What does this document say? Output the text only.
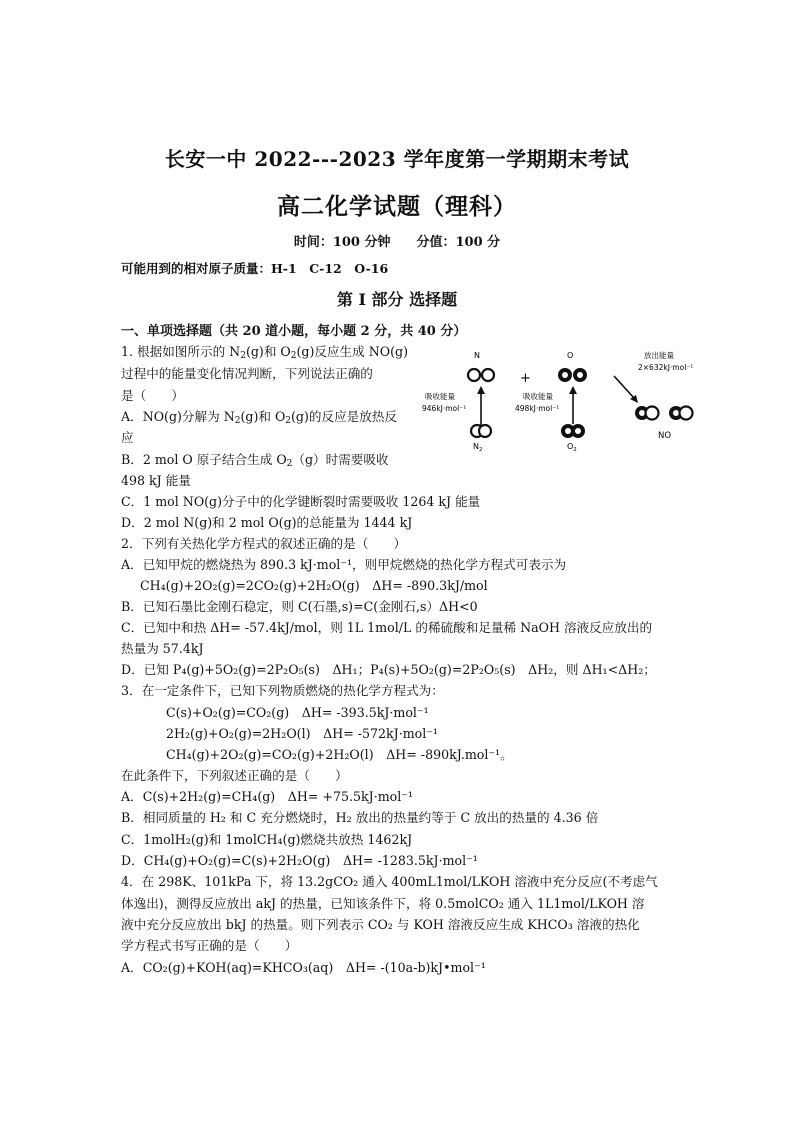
长安一中 2022---2023 学年度第一学期期末考试
高二化学试题（理科）
时间：100 分钟　　分值：100 分
可能用到的相对原子质量：H-1　C-12　O-16
第 I 部分 选择题
一、单项选择题（共 20 道小题，每小题 2 分，共 40 分）
1. 根据如图所示的 $N_2(g)$和 $O_2(g)$反应生成 NO(g)
过程中的能量变化情况判断，下列说法正确的
是（　　）
A．NO(g)分解为 $N_2(g)$和 $O_2(g)$的反应是放热反
应
B．2 mol O 原子结合生成 $O_2(g)$时需要吸收
498 kJ 能量
C．1 mol NO(g)分子中的化学键断裂时需要吸收 1264 kJ 能量
D．2 mol N(g)和 2 mol O(g)的总能量为 1444 kJ
N
吸收能量
946kJ·mol⁻¹
$N_2$
+
O
吸收能量
498kJ·mol⁻¹
$O_2$
放出能量
2×632kJ·mol⁻¹
NO
2．下列有关热化学方程式的叙述正确的是（　　）
A．已知甲烷的燃烧热为 890.3 kJ·mol⁻¹，则甲烷燃烧的热化学方程式可表示为
CH₄(g)+2O₂(g)=2CO₂(g)+2H₂O(g)　ΔH= -890.3kJ/mol
B．已知石墨比金刚石稳定，则 C(石墨,s)=C(金刚石,s）ΔH<0
C．已知中和热 ΔH= -57.4kJ/mol，则 1L 1mol/L 的稀硫酸和足量稀 NaOH 溶液反应放出的
热量为 57.4kJ
D．已知 P₄(g)+5O₂(g)=2P₂O₅(s)　ΔH₁；P₄(s)+5O₂(g)=2P₂O₅(s)　ΔH₂，则 ΔH₁<ΔH₂；
3．在一定条件下，已知下列物质燃烧的热化学方程式为：
C(s)+O₂(g)=CO₂(g)　ΔH= -393.5kJ·mol⁻¹
2H₂(g)+O₂(g)=2H₂O(l)　ΔH= -572kJ·mol⁻¹
CH₄(g)+2O₂(g)=CO₂(g)+2H₂O(l)　ΔH= -890kJ.mol⁻¹。
在此条件下，下列叙述正确的是（　　）
A．C(s)+2H₂(g)=CH₄(g)　ΔH= +75.5kJ·mol⁻¹
B．相同质量的 H₂ 和 C 充分燃烧时，H₂ 放出的热量约等于 C 放出的热量的 4.36 倍
C．1molH₂(g)和 1molCH₄(g)燃烧共放热 1462kJ
D．CH₄(g)+O₂(g)=C(s)+2H₂O(g)　ΔH= -1283.5kJ·mol⁻¹
4．在 298K、101kPa 下，将 13.2gCO₂ 通入 400mL1mol/LKOH 溶液中充分反应(不考虑气
体逸出)，测得反应放出 akJ 的热量，已知该条件下，将 0.5molCO₂ 通入 1L1mol/LKOH 溶
液中充分反应放出 bkJ 的热量。则下列表示 CO₂ 与 KOH 溶液反应生成 KHCO₃ 溶液的热化
学方程式书写正确的是（　　）
A．CO₂(g)+KOH(aq)=KHCO₃(aq)　ΔH= -(10a-b)kJ•mol⁻¹
